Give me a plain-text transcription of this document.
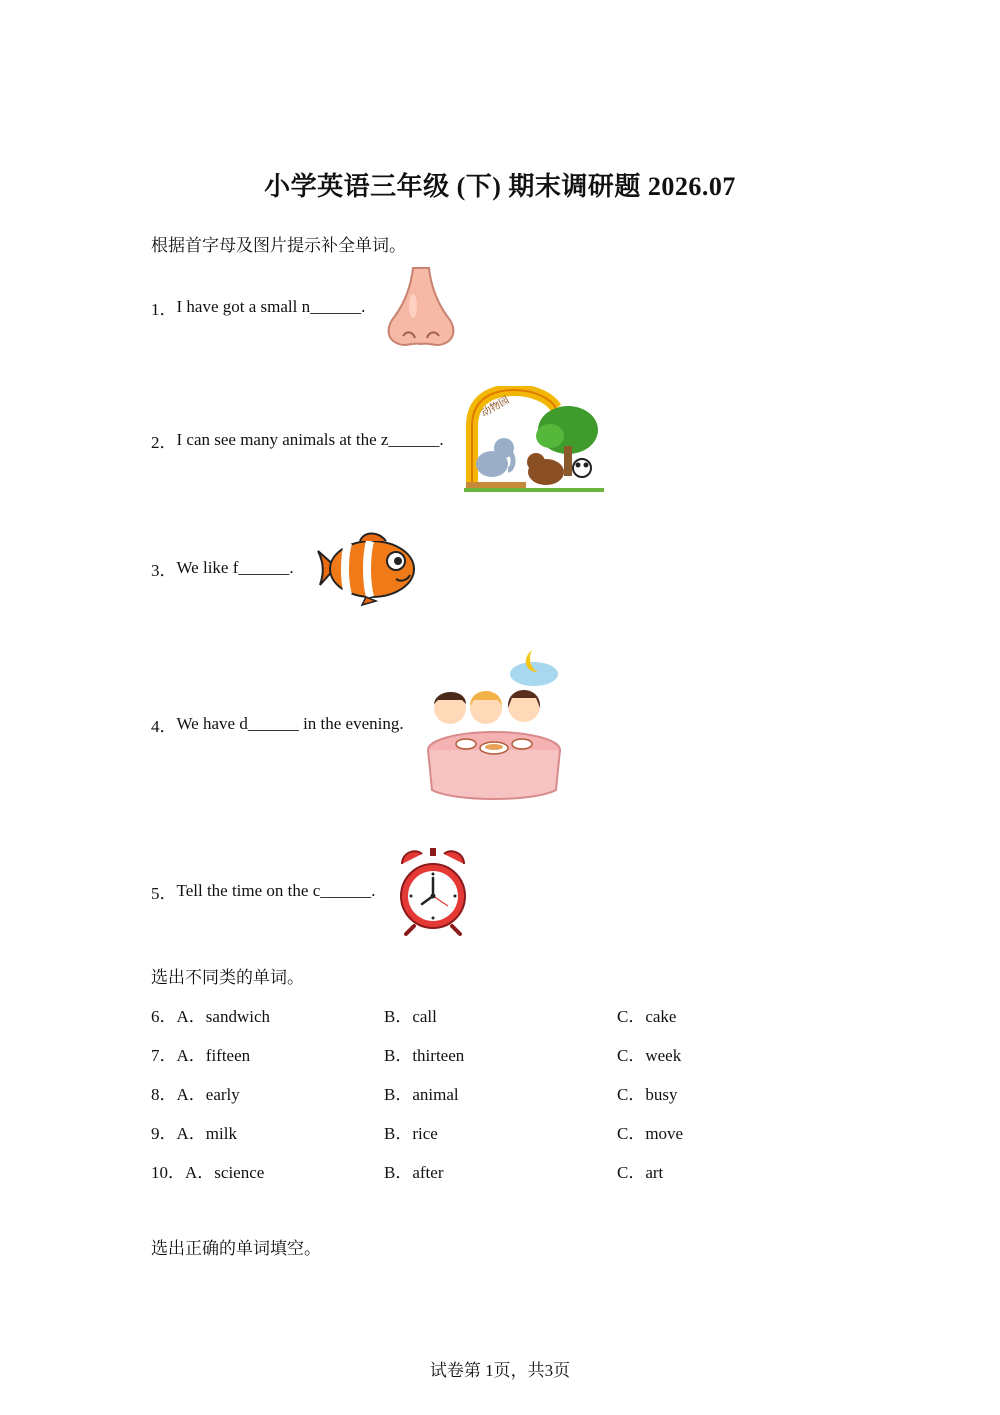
小学英语三年级 (下) 期末调研题 2026.07

根据首字母及图片提示补全单词。

1． I have got a small n______.
2． I can see many animals at the z______.
动物园
3． We like f______.
4． We have d______ in the evening.
5． Tell the time on the c______.

选出不同类的单词。

6．A．sandwich	B．call	C．cake
7．A．fifteen	B．thirteen	C．week
8．A．early	B．animal	C．busy
9．A．milk	B．rice	C．move
10．A．science	B．after	C．art

选出正确的单词填空。

试卷第 1页，共3页
